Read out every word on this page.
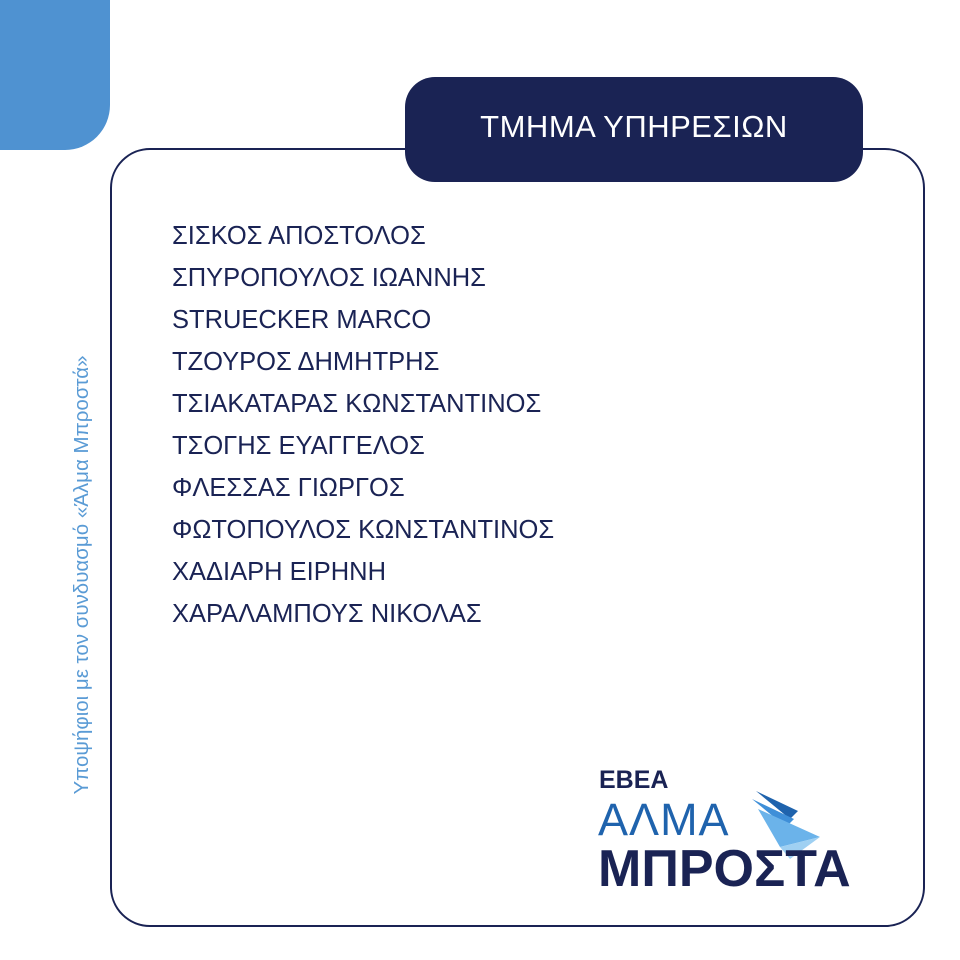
Υποψήφιοι με τον συνδυασμό «Άλμα Μπροστά»
ΤΜΗΜΑ ΥΠΗΡΕΣΙΩΝ
ΣΙΣΚΟΣ ΑΠΟΣΤΟΛΟΣ
ΣΠΥΡΟΠΟΥΛΟΣ ΙΩΑΝΝΗΣ
STRUECKER MARCO
ΤΖΟΥΡΟΣ ΔΗΜΗΤΡΗΣ
ΤΣΙΑΚΑΤΑΡΑΣ ΚΩΝΣΤΑΝΤΙΝΟΣ
ΤΣΟΓΗΣ ΕΥΑΓΓΕΛΟΣ
ΦΛΕΣΣΑΣ ΓΙΩΡΓΟΣ
ΦΩΤΟΠΟΥΛΟΣ ΚΩΝΣΤΑΝΤΙΝΟΣ
ΧΑΔΙΑΡΗ ΕΙΡΗΝΗ
ΧΑΡΑΛΑΜΠΟΥΣ ΝΙΚΟΛΑΣ
ΕΒΕΑ
ΑΛΜΑ
ΜΠΡΟΣΤΑ
